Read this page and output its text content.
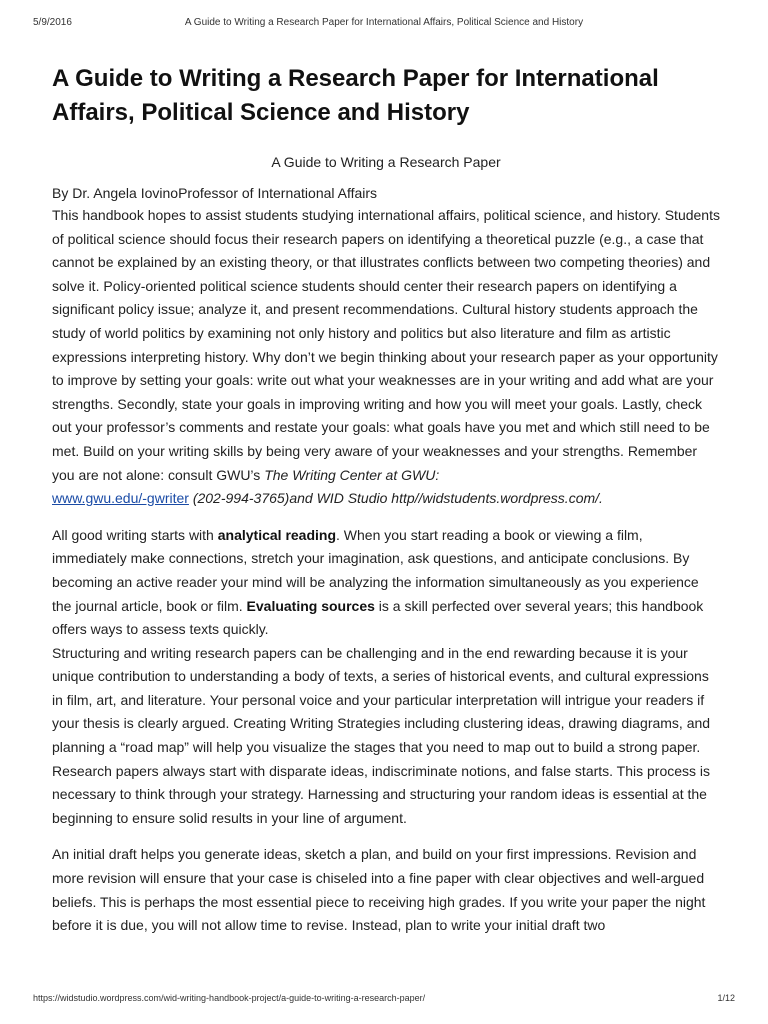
5/9/2016	A Guide to Writing a Research Paper for International Affairs, Political Science and History
A Guide to Writing a Research Paper for International Affairs, Political Science and History
A Guide to Writing a Research Paper
By Dr. Angela IovinoProfessor of International Affairs

This handbook hopes to assist students studying international affairs, political science, and history. Students of political science should focus their research papers on identifying a theoretical puzzle (e.g., a case that cannot be explained by an existing theory, or that illustrates conflicts between two competing theories) and solve it. Policy-oriented political science students should center their research papers on identifying a significant policy issue; analyze it, and present recommendations. Cultural history students approach the study of world politics by examining not only history and politics but also literature and film as artistic expressions interpreting history. Why don’t we begin thinking about your research paper as your opportunity to improve by setting your goals: write out what your weaknesses are in your writing and add what are your strengths. Secondly, state your goals in improving writing and how you will meet your goals. Lastly, check out your professor’s comments and restate your goals: what goals have you met and which still need to be met. Build on your writing skills by being very aware of your weaknesses and your strengths. Remember you are not alone: consult GWU’s The Writing Center at GWU:
www.gwu.edu/-gwriter (202-994-3765)and WID Studio http//widstudents.wordpress.com/.

All good writing starts with analytical reading. When you start reading a book or viewing a film, immediately make connections, stretch your imagination, ask questions, and anticipate conclusions. By becoming an active reader your mind will be analyzing the information simultaneously as you experience the journal article, book or film. Evaluating sources is a skill perfected over several years; this handbook offers ways to assess texts quickly.

Structuring and writing research papers can be challenging and in the end rewarding because it is your unique contribution to understanding a body of texts, a series of historical events, and cultural expressions in film, art, and literature. Your personal voice and your particular interpretation will intrigue your readers if your thesis is clearly argued. Creating Writing Strategies including clustering ideas, drawing diagrams, and planning a “road map” will help you visualize the stages that you need to map out to build a strong paper. Research papers always start with disparate ideas, indiscriminate notions, and false starts. This process is necessary to think through your strategy. Harnessing and structuring your random ideas is essential at the beginning to ensure solid results in your line of argument.

An initial draft helps you generate ideas, sketch a plan, and build on your first impressions. Revision and more revision will ensure that your case is chiseled into a fine paper with clear objectives and well-argued beliefs. This is perhaps the most essential piece to receiving high grades. If you write your paper the night before it is due, you will not allow time to revise. Instead, plan to write your initial draft two

https://widstudio.wordpress.com/wid-writing-handbook-project/a-guide-to-writing-a-research-paper/	1/12
